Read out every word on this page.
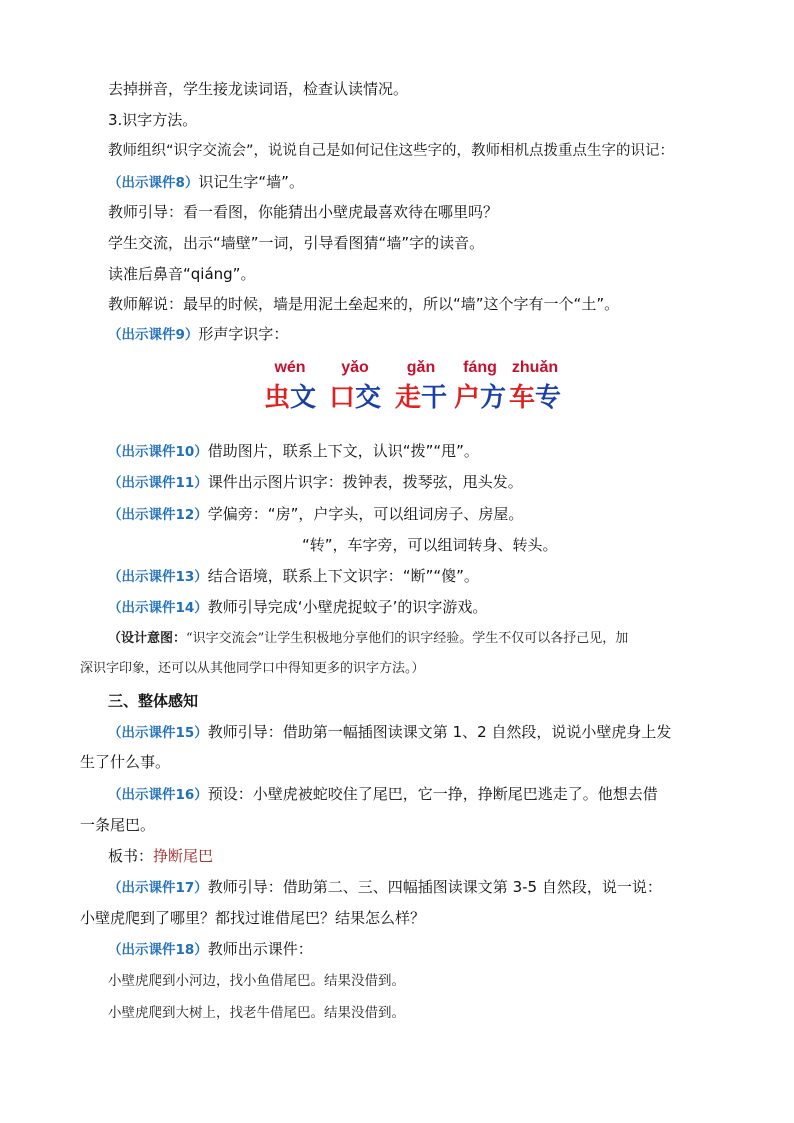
去掉拼音，学生接龙读词语，检查认读情况。
3.识字方法。
教师组织“识字交流会”，说说自己是如何记住这些字的，教师相机点拨重点生字的识记：
（出示课件8）识记生字“墙”。
教师引导：看一看图，你能猜出小壁虎最喜欢待在哪里吗？
学生交流，出示“墙壁”一词，引导看图猜“墙”字的读音。
读准后鼻音“qiáng”。
教师解说：最早的时候，墙是用泥土垒起来的，所以“墙”这个字有一个“土”。
（出示课件9）形声字识字：
wén
虫文
yǎo
口交
gǎn
走干
fáng
户方
zhuǎn
车专
（出示课件10）借助图片，联系上下文，认识“拨”“甩”。
（出示课件11）课件出示图片识字：拨钟表，拨琴弦，甩头发。
（出示课件12）学偏旁：“房”，户字头，可以组词房子、房屋。
“转”，车字旁，可以组词转身、转头。
（出示课件13）结合语境，联系上下文识字：“断”“傻”。
（出示课件14）教师引导完成‘小壁虎捉蚊子’的识字游戏。
（设计意图：“识字交流会”让学生积极地分享他们的识字经验。学生不仅可以各抒己见，加
深识字印象，还可以从其他同学口中得知更多的识字方法。）
三、整体感知
（出示课件15）教师引导：借助第一幅插图读课文第 1、2 自然段，说说小壁虎身上发
生了什么事。
（出示课件16）预设：小壁虎被蛇咬住了尾巴，它一挣，挣断尾巴逃走了。他想去借
一条尾巴。
板书：挣断尾巴
（出示课件17）教师引导：借助第二、三、四幅插图读课文第 3-5 自然段，说一说：
小壁虎爬到了哪里？都找过谁借尾巴？结果怎么样？
（出示课件18）教师出示课件：
小壁虎爬到小河边，找小鱼借尾巴。结果没借到。
小壁虎爬到大树上，找老牛借尾巴。结果没借到。
